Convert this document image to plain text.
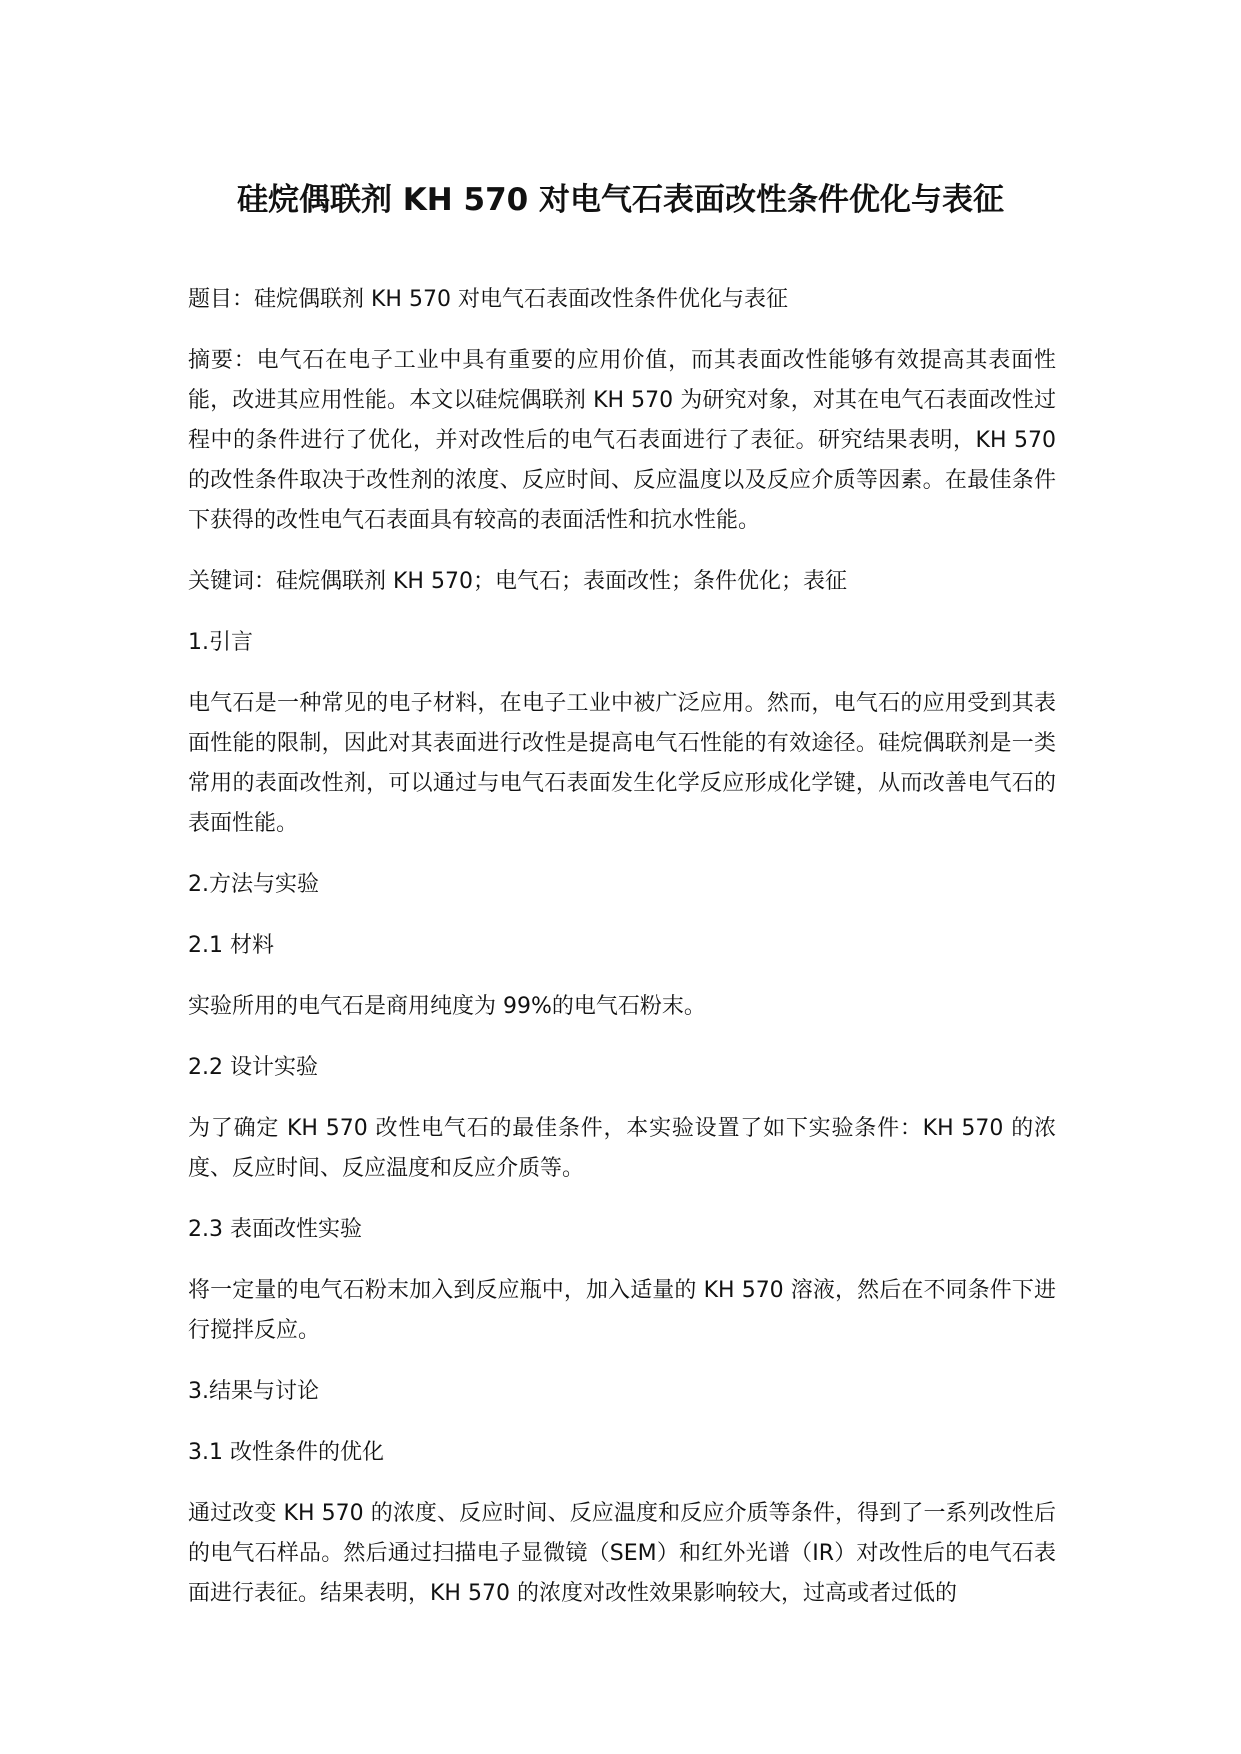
硅烷偶联剂 KH 570 对电气石表面改性条件优化与表征

题目：硅烷偶联剂 KH 570 对电气石表面改性条件优化与表征

摘要：电气石在电子工业中具有重要的应用价值，而其表面改性能够有效提高其表面性能，改进其应用性能。本文以硅烷偶联剂 KH 570 为研究对象，对其在电气石表面改性过程中的条件进行了优化，并对改性后的电气石表面进行了表征。研究结果表明，KH 570 的改性条件取决于改性剂的浓度、反应时间、反应温度以及反应介质等因素。在最佳条件下获得的改性电气石表面具有较高的表面活性和抗水性能。

关键词：硅烷偶联剂 KH 570；电气石；表面改性；条件优化；表征

1.引言

电气石是一种常见的电子材料，在电子工业中被广泛应用。然而，电气石的应用受到其表面性能的限制，因此对其表面进行改性是提高电气石性能的有效途径。硅烷偶联剂是一类常用的表面改性剂，可以通过与电气石表面发生化学反应形成化学键，从而改善电气石的表面性能。

2.方法与实验

2.1 材料

实验所用的电气石是商用纯度为 99%的电气石粉末。

2.2 设计实验

为了确定 KH 570 改性电气石的最佳条件，本实验设置了如下实验条件：KH 570 的浓度、反应时间、反应温度和反应介质等。

2.3 表面改性实验

将一定量的电气石粉末加入到反应瓶中，加入适量的 KH 570 溶液，然后在不同条件下进行搅拌反应。

3.结果与讨论

3.1 改性条件的优化

通过改变 KH 570 的浓度、反应时间、反应温度和反应介质等条件，得到了一系列改性后的电气石样品。然后通过扫描电子显微镜（SEM）和红外光谱（IR）对改性后的电气石表面进行表征。结果表明，KH 570 的浓度对改性效果影响较大，过高或者过低的
